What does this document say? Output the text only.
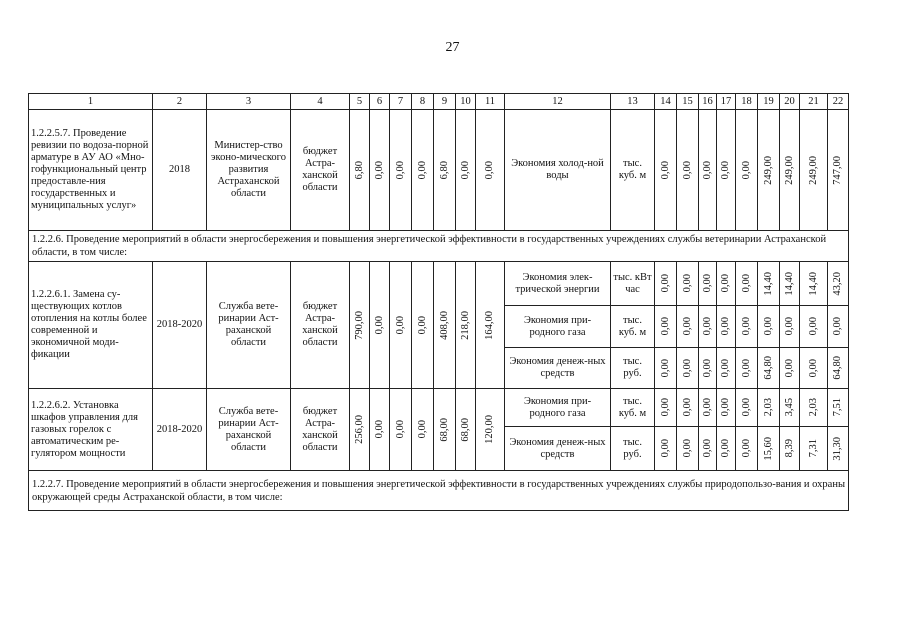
27
1	2	3	4	5	6	7	8	9	10	11	12	13	14	15	16	17	18	19	20	21	22
1.2.2.5.7. Проведение ревизии по водоза-порной арматуре в АУ АО «Мно-гофункциональный центр предоставле-ния государственных и муниципальных услуг»	2018	Министер-ство эконо-мического развития Астраханской области	бюджет Астра-ханской области	6,80	0,00	0,00	0,00	6,80	0,00	0,00	Экономия холод-ной воды	тыс. куб. м	0,00	0,00	0,00	0,00	0,00	249,00	249,00	249,00	747,00

1.2.2.6. Проведение мероприятий в области энергосбережения и повышения энергетической эффективности в государственных учреждениях службы ветеринарии Астраханской области, в том числе:																					
1.2.2.6.1. Замена су-ществующих котлов отопления на котлы более современной и экономичной моди-фикации	2018-2020	Служба вете-ринарии Аст-раханской области	бюджет Астра-ханской области	790,00	0,00	0,00	0,00	408,00	218,00	164,00	Экономия элек-трической энергии	тыс. кВт час	0,00	0,00	0,00	0,00	0,00	14,40	14,40	14,40	43,20

											Экономия при-родного газа	тыс. куб. м	0,00	0,00	0,00	0,00	0,00	0,00	0,00	0,00	0,00

											Экономия денеж-ных средств	тыс. руб.	0,00	0,00	0,00	0,00	0,00	64,80	0,00	0,00	64,80

1.2.2.6.2. Установка шкафов управления для газовых горелок с автоматическим ре-гулятором мощности	2018-2020	Служба вете-ринарии Аст-раханской области	бюджет Астра-ханской области	256,00	0,00	0,00	0,00	68,00	68,00	120,00	Экономия при-родного газа	тыс. куб. м	0,00	0,00	0,00	0,00	0,00	2,03	3,45	2,03	7,51

											Экономия денеж-ных средств	тыс. руб.	0,00	0,00	0,00	0,00	0,00	15,60	8,39	7,31	31,30

1.2.2.7. Проведение мероприятий в области энергосбережения и повышения энергетической эффективности в государственных учреждениях службы природопользо-вания и охраны окружающей среды Астраханской области, в том числе:																					
